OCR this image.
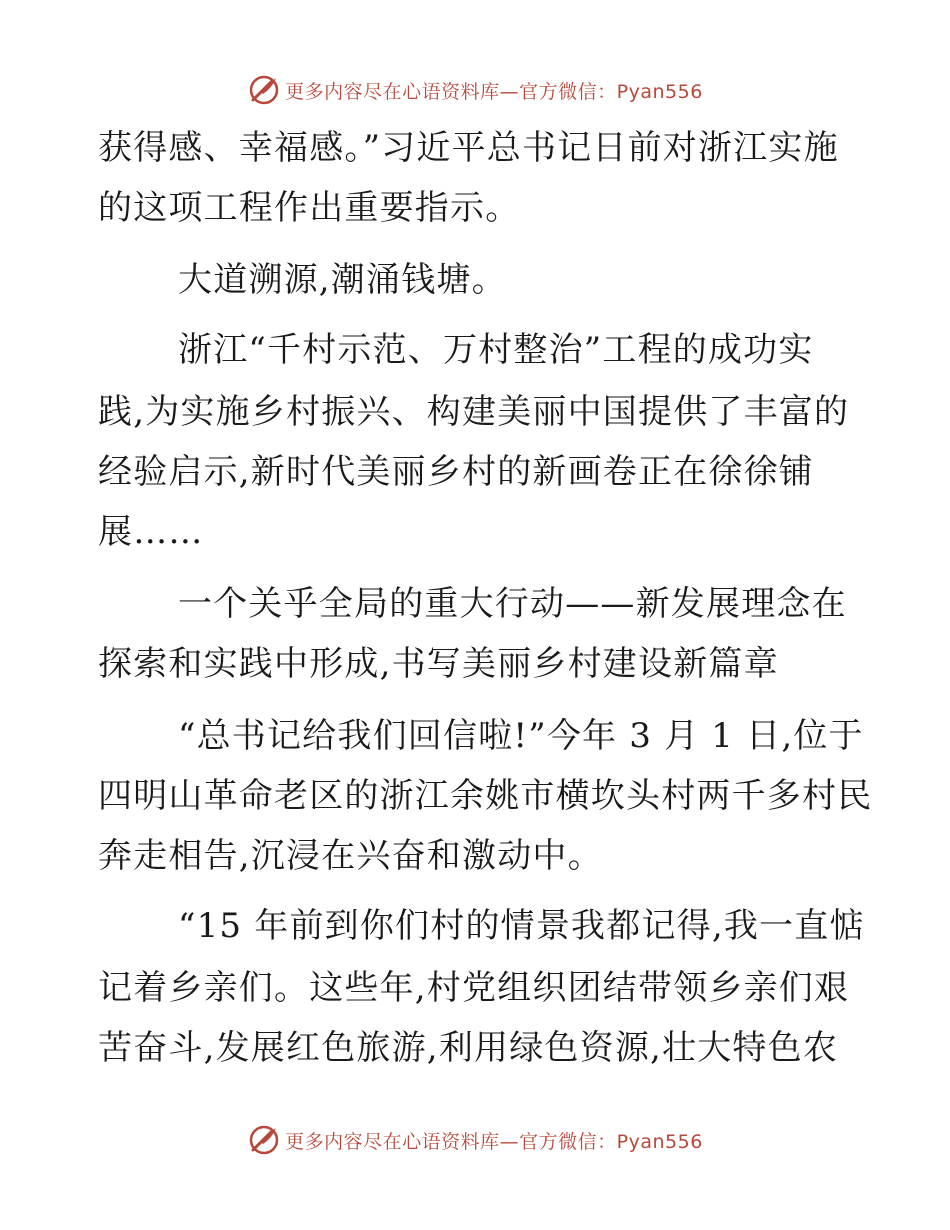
更多内容尽在心语资料库—官方微信：Pyan556
获得感、幸福感。”习近平总书记日前对浙江实施
的这项工程作出重要指示。
大道溯源,潮涌钱塘。
浙江“千村示范、万村整治”工程的成功实
践,为实施乡村振兴、构建美丽中国提供了丰富的
经验启示,新时代美丽乡村的新画卷正在徐徐铺
展……
一个关乎全局的重大行动——新发展理念在
探索和实践中形成,书写美丽乡村建设新篇章
“总书记给我们回信啦!”今年 3 月 1 日,位于
四明山革命老区的浙江余姚市横坎头村两千多村民
奔走相告,沉浸在兴奋和激动中。
“15 年前到你们村的情景我都记得,我一直惦
记着乡亲们。这些年,村党组织团结带领乡亲们艰
苦奋斗,发展红色旅游,利用绿色资源,壮大特色农
更多内容尽在心语资料库—官方微信：Pyan556
